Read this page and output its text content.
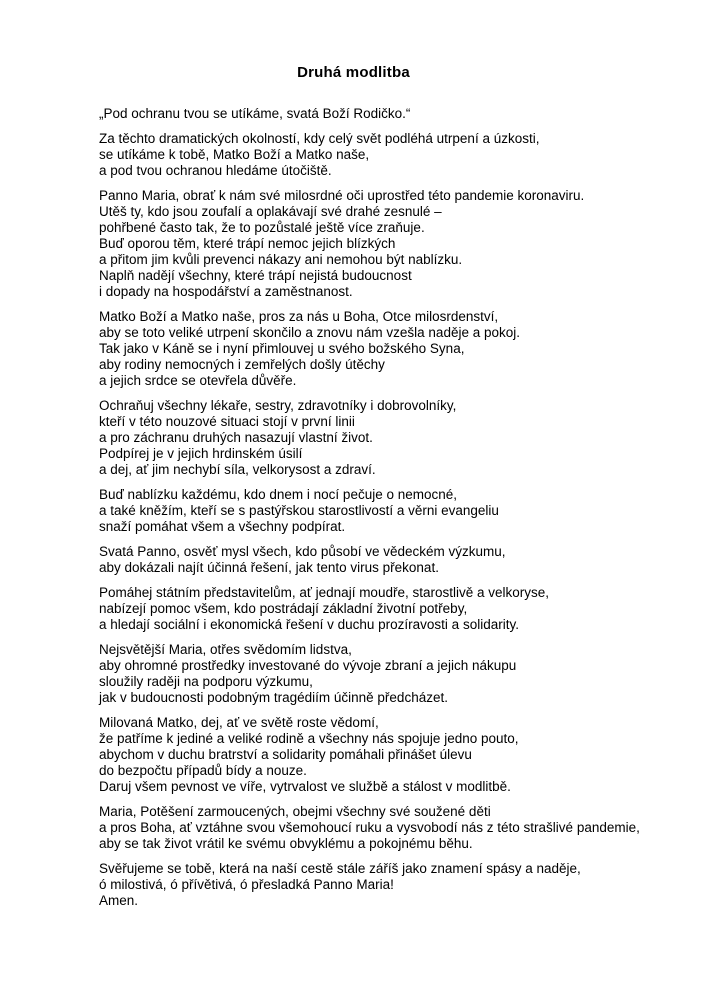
Druhá modlitba
„Pod ochranu tvou se utíkáme, svatá Boží Rodičko.“
Za těchto dramatických okolností, kdy celý svět podléhá utrpení a úzkosti,
se utíkáme k tobě, Matko Boží a Matko naše,
a pod tvou ochranou hledáme útočiště.
Panno Maria, obrať k nám své milosrdné oči uprostřed této pandemie koronaviru.
Utěš ty, kdo jsou zoufalí a oplakávají své drahé zesnulé –
pohřbené často tak, že to pozůstalé ještě více zraňuje.
Buď oporou těm, které trápí nemoc jejich blízkých
a přitom jim kvůli prevenci nákazy ani nemohou být nablízku.
Naplň nadějí všechny, které trápí nejistá budoucnost
i dopady na hospodářství a zaměstnanost.
Matko Boží a Matko naše, pros za nás u Boha, Otce milosrdenství,
aby se toto veliké utrpení skončilo a znovu nám vzešla naděje a pokoj.
Tak jako v Káně se i nyní přimlouvej u svého božského Syna,
aby rodiny nemocných i zemřelých došly útěchy
a jejich srdce se otevřela důvěře.
Ochraňuj všechny lékaře, sestry, zdravotníky i dobrovolníky,
kteří v této nouzové situaci stojí v první linii
a pro záchranu druhých nasazují vlastní život.
Podpírej je v jejich hrdinském úsilí
a dej, ať jim nechybí síla, velkorysost a zdraví.
Buď nablízku každému, kdo dnem i nocí pečuje o nemocné,
a také kněžím, kteří se s pastýřskou starostlivostí a věrni evangeliu
snaží pomáhat všem a všechny podpírat.
Svatá Panno, osvěť mysl všech, kdo působí ve vědeckém výzkumu,
aby dokázali najít účinná řešení, jak tento virus překonat.
Pomáhej státním představitelům, ať jednají moudře, starostlivě a velkoryse,
nabízejí pomoc všem, kdo postrádají základní životní potřeby,
a hledají sociální i ekonomická řešení v duchu prozíravosti a solidarity.
Nejsvětější Maria, otřes svědomím lidstva,
aby ohromné prostředky investované do vývoje zbraní a jejich nákupu
sloužily raději na podporu výzkumu,
jak v budoucnosti podobným tragédiím účinně předcházet.
Milovaná Matko, dej, ať ve světě roste vědomí,
že patříme k jediné a veliké rodině a všechny nás spojuje jedno pouto,
abychom v duchu bratrství a solidarity pomáhali přinášet úlevu
do bezpočtu případů bídy a nouze.
Daruj všem pevnost ve víře, vytrvalost ve službě a stálost v modlitbě.
Maria, Potěšení zarmoucených, obejmi všechny své soužené děti
a pros Boha, ať vztáhne svou všemohoucí ruku a vysvobodí nás z této strašlivé pandemie,
aby se tak život vrátil ke svému obvyklému a pokojnému běhu.
Svěřujeme se tobě, která na naší cestě stále záříš jako znamení spásy a naděje,
ó milostivá, ó přívětivá, ó přesladká Panno Maria!
Amen.
